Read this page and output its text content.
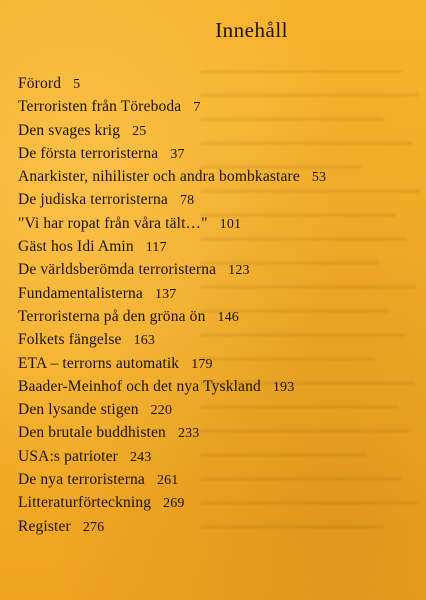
Innehåll
Förord 5
Terroristen från Töreboda 7
Den svages krig 25
De första terroristerna 37
Anarkister, nihilister och andra bombkastare 53
De judiska terroristerna 78
"Vi har ropat från våra tält…" 101
Gäst hos Idi Amin 117
De världsberömda terroristerna 123
Fundamentalisterna 137
Terroristerna på den gröna ön 146
Folkets fängelse 163
ETA – terrorns automatik 179
Baader-Meinhof och det nya Tyskland 193
Den lysande stigen 220
Den brutale buddhisten 233
USA:s patrioter 243
De nya terroristerna 261
Litteraturförteckning 269
Register 276
